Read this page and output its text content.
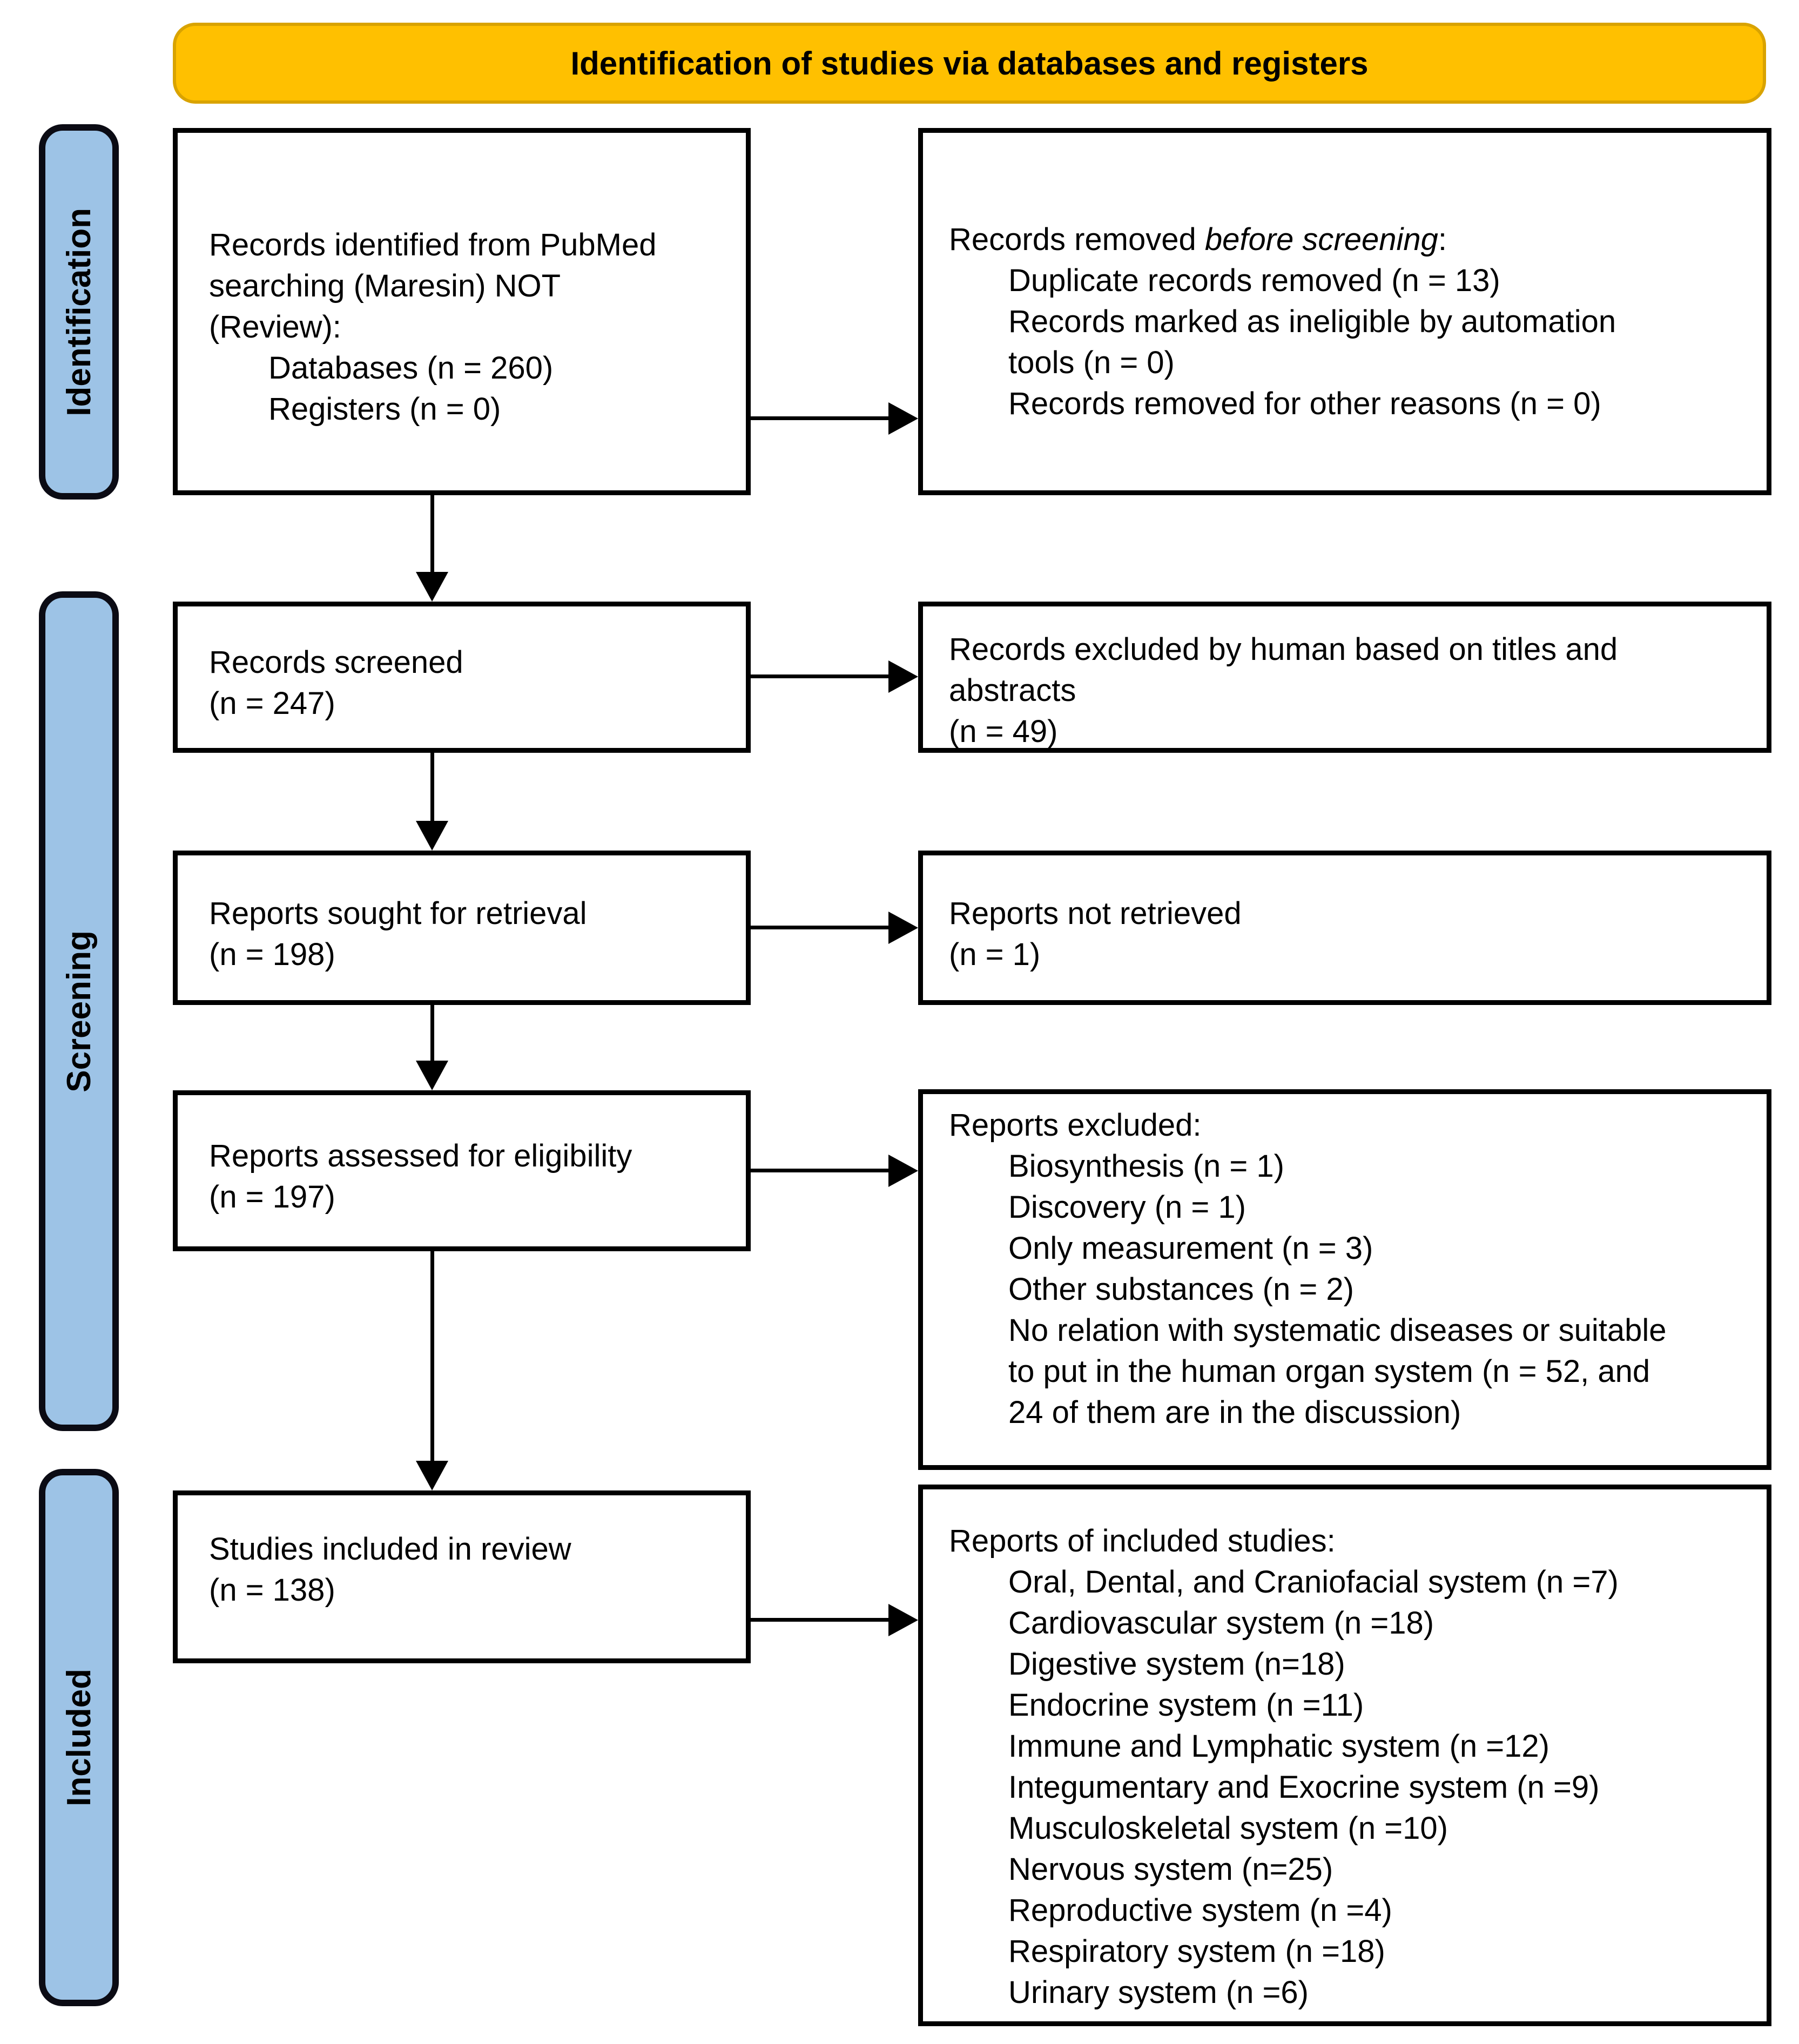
Identification of studies via databases and registers
Identification
Screening
Included
Records identified from PubMed
searching (Maresin) NOT
(Review):
Databases (n = 260)
Registers (n = 0)
Records removed before screening:
Duplicate records removed (n = 13)
Records marked as ineligible by automation
tools (n = 0)
Records removed for other reasons (n = 0)
Records screened
(n = 247)
Records excluded by human based on titles and
abstracts
(n = 49)
Reports sought for retrieval
(n = 198)
Reports not retrieved
(n = 1)
Reports assessed for eligibility
(n = 197)
Reports excluded:
Biosynthesis (n = 1)
Discovery (n = 1)
Only measurement (n = 3)
Other substances (n = 2)
No relation with systematic diseases or suitable
to put in the human organ system (n = 52, and
24 of them are in the discussion)
Studies included in review
(n = 138)
Reports of included studies:
Oral, Dental, and Craniofacial system (n =7)
Cardiovascular system (n =18)
Digestive system (n=18)
Endocrine system (n =11)
Immune and Lymphatic system (n =12)
Integumentary and Exocrine system (n =9)
Musculoskeletal system (n =10)
Nervous system (n=25)
Reproductive system (n =4)
Respiratory system (n =18)
Urinary system (n =6)
